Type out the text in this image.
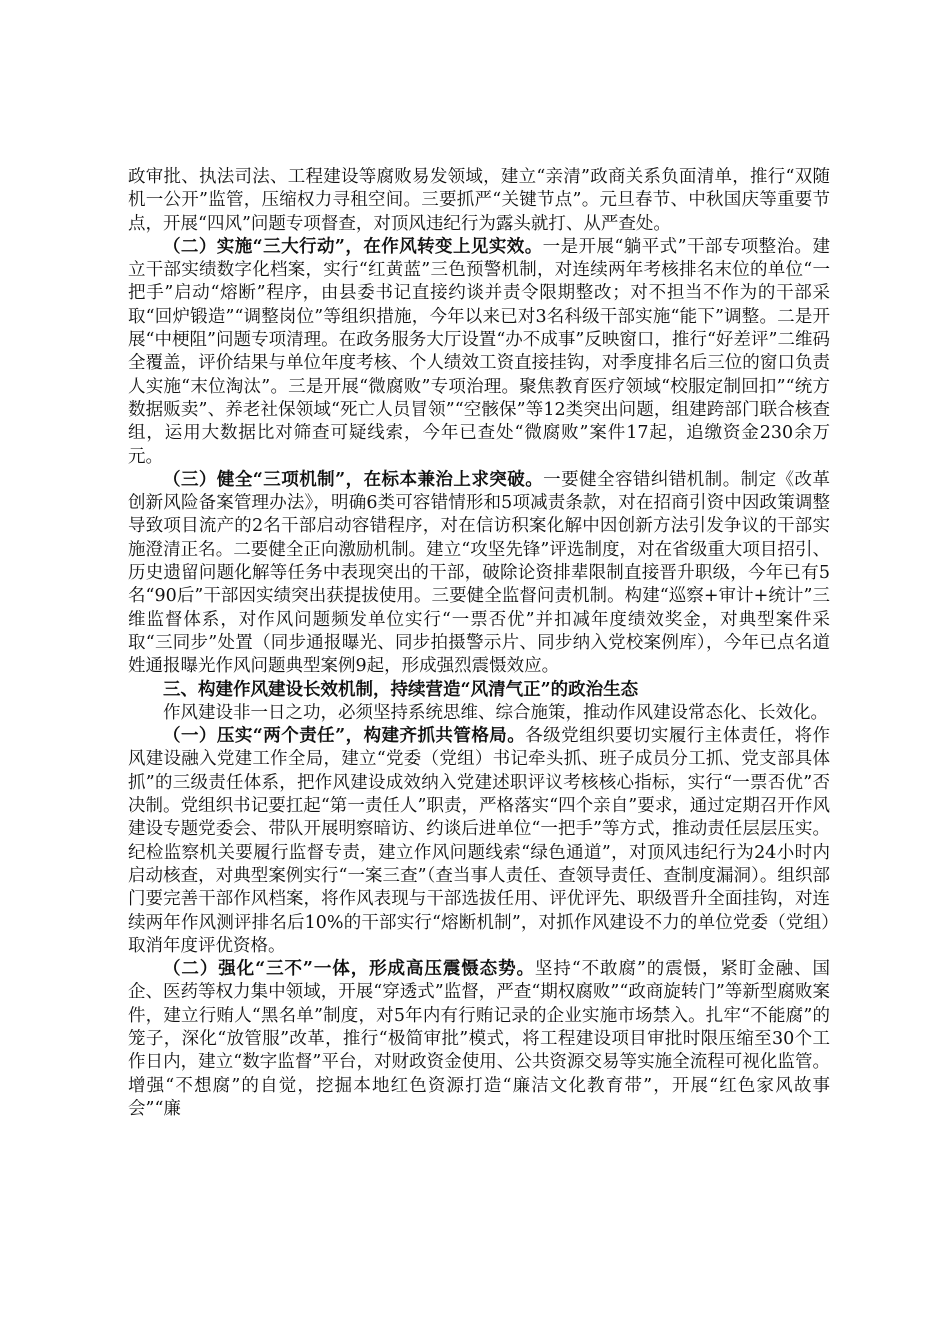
政审批、执法司法、工程建设等腐败易发领域，建立“亲清”政商关系负面清单，推行“双随机一公开”监管，压缩权力寻租空间。三要抓严“关键节点”。元旦春节、中秋国庆等重要节点，开展“四风”问题专项督查，对顶风违纪行为露头就打、从严查处。

（二）实施“三大行动”，在作风转变上见实效。一是开展“躺平式”干部专项整治。建立干部实绩数字化档案，实行“红黄蓝”三色预警机制，对连续两年考核排名末位的单位“一把手”启动“熔断”程序，由县委书记直接约谈并责令限期整改；对不担当不作为的干部采取“回炉锻造”“调整岗位”等组织措施，今年以来已对3名科级干部实施“能下”调整。二是开展“中梗阻”问题专项清理。在政务服务大厅设置“办不成事”反映窗口，推行“好差评”二维码全覆盖，评价结果与单位年度考核、个人绩效工资直接挂钩，对季度排名后三位的窗口负责人实施“末位淘汰”。三是开展“微腐败”专项治理。聚焦教育医疗领域“校服定制回扣”“统方数据贩卖”、养老社保领域“死亡人员冒领”“空骸保”等12类突出问题，组建跨部门联合核查组，运用大数据比对筛查可疑线索，今年已查处“微腐败”案件17起，追缴资金230余万元。

（三）健全“三项机制”，在标本兼治上求突破。一要健全容错纠错机制。制定《改革创新风险备案管理办法》，明确6类可容错情形和5项减责条款，对在招商引资中因政策调整导致项目流产的2名干部启动容错程序，对在信访积案化解中因创新方法引发争议的干部实施澄清正名。二要健全正向激励机制。建立“攻坚先锋”评选制度，对在省级重大项目招引、历史遗留问题化解等任务中表现突出的干部，破除论资排辈限制直接晋升职级，今年已有5名“90后”干部因实绩突出获提拔使用。三要健全监督问责机制。构建“巡察+审计+统计”三维监督体系，对作风问题频发单位实行“一票否优”并扣减年度绩效奖金，对典型案件采取“三同步”处置（同步通报曝光、同步拍摄警示片、同步纳入党校案例库），今年已点名道姓通报曝光作风问题典型案例9起，形成强烈震慑效应。

三、构建作风建设长效机制，持续营造“风清气正”的政治生态

作风建设非一日之功，必须坚持系统思维、综合施策，推动作风建设常态化、长效化。

（一）压实“两个责任”，构建齐抓共管格局。各级党组织要切实履行主体责任，将作风建设融入党建工作全局，建立“党委（党组）书记牵头抓、班子成员分工抓、党支部具体抓”的三级责任体系，把作风建设成效纳入党建述职评议考核核心指标，实行“一票否优”否决制。党组织书记要扛起“第一责任人”职责，严格落实“四个亲自”要求，通过定期召开作风建设专题党委会、带队开展明察暗访、约谈后进单位“一把手”等方式，推动责任层层压实。纪检监察机关要履行监督专责，建立作风问题线索“绿色通道”，对顶风违纪行为24小时内启动核查，对典型案例实行“一案三查”（查当事人责任、查领导责任、查制度漏洞）。组织部门要完善干部作风档案，将作风表现与干部选拔任用、评优评先、职级晋升全面挂钩，对连续两年作风测评排名后10%的干部实行“熔断机制”，对抓作风建设不力的单位党委（党组）取消年度评优资格。

（二）强化“三不”一体，形成高压震慑态势。坚持“不敢腐”的震慑，紧盯金融、国企、医药等权力集中领域，开展“穿透式”监督，严查“期权腐败”“政商旋转门”等新型腐败案件，建立行贿人“黑名单”制度，对5年内有行贿记录的企业实施市场禁入。扎牢“不能腐”的笼子，深化“放管服”改革，推行“极简审批”模式，将工程建设项目审批时限压缩至30个工作日内，建立“数字监督”平台，对财政资金使用、公共资源交易等实施全流程可视化监管。增强“不想腐”的自觉，挖掘本地红色资源打造“廉洁文化教育带”，开展“红色家风故事会”“廉
